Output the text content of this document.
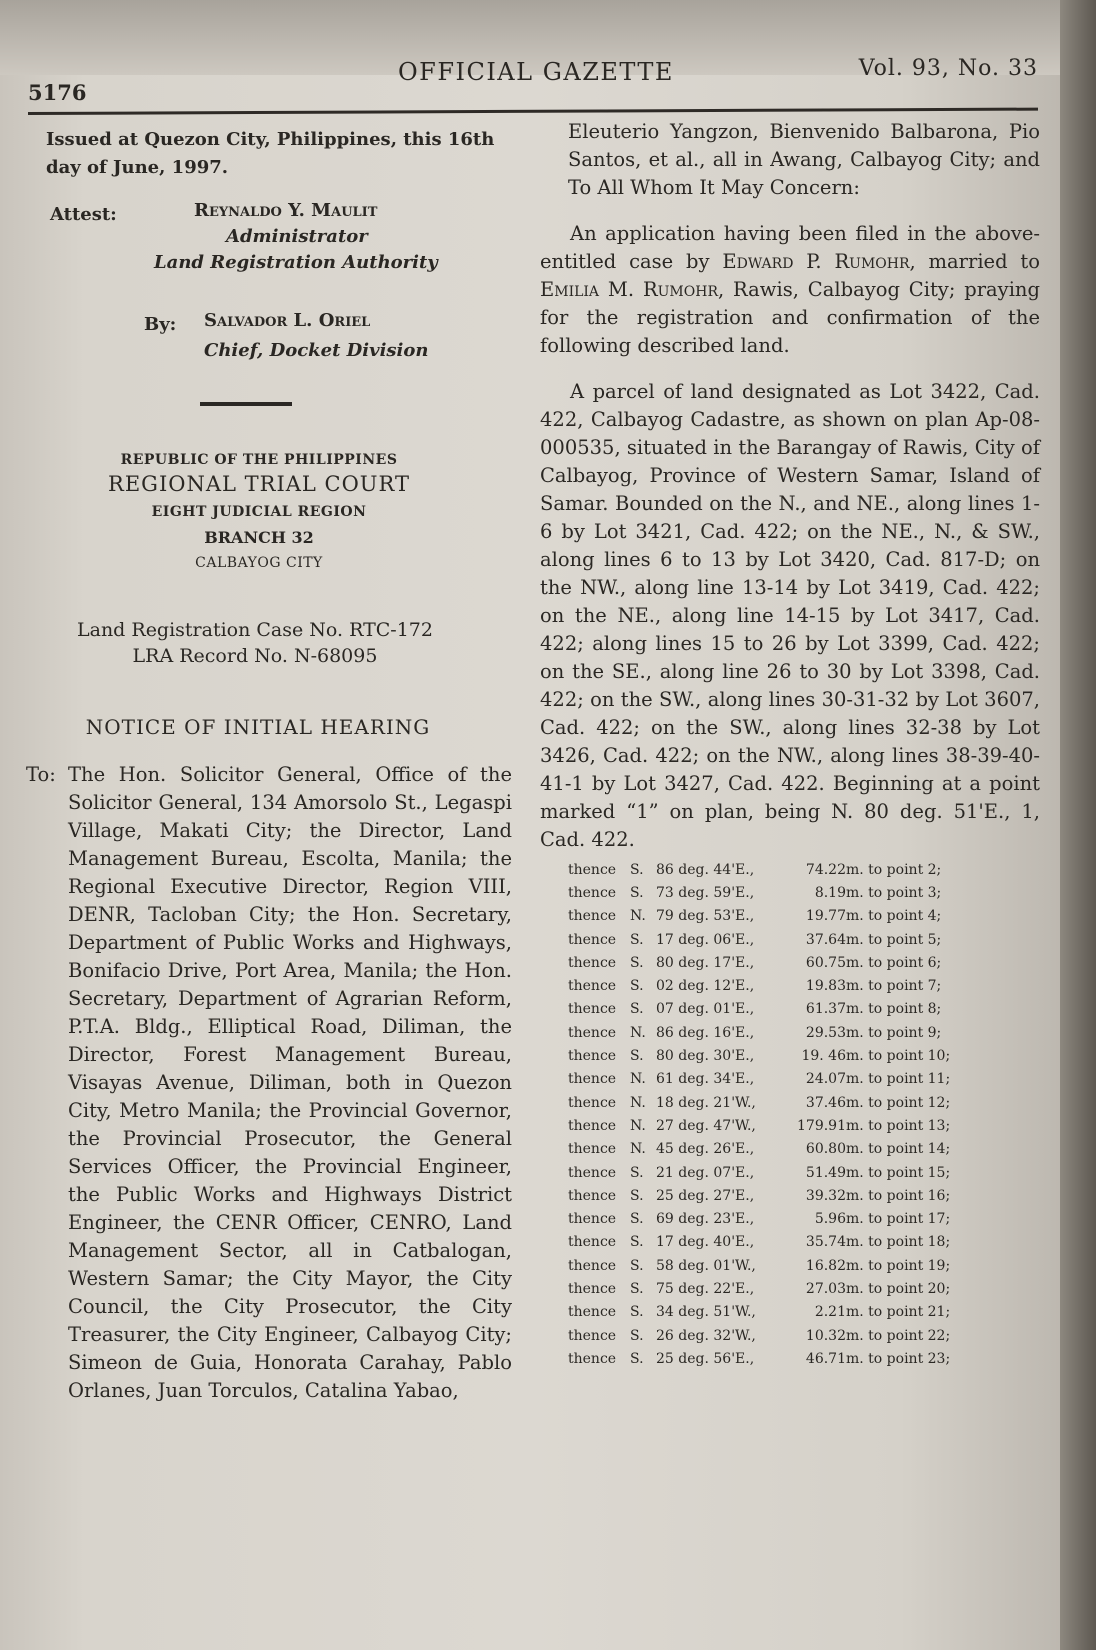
5176
OFFICIAL GAZETTE	Vol. 93, No. 33
Issued at Quezon City, Philippines, this 16th day of June, 1997.
Attest:	Reynaldo Y. Maulit
Administrator
Land Registration Authority
By: Salvador L. Oriel
Chief, Docket Division
REPUBLIC OF THE PHILIPPINES
REGIONAL TRIAL COURT
EIGHT JUDICIAL REGION
BRANCH 32
CALBAYOG CITY
Land Registration Case No. RTC-172
LRA Record No. N-68095
NOTICE OF INITIAL HEARING
To: The Hon. Solicitor General, Office of the Solicitor General, 134 Amorsolo St., Legaspi Village, Makati City; the Director, Land Management Bureau, Escolta, Manila; the Regional Executive Director, Region VIII, DENR, Tacloban City; the Hon. Secretary, Department of Public Works and Highways, Bonifacio Drive, Port Area, Manila; the Hon. Secretary, Department of Agrarian Reform, P.T.A. Bldg., Elliptical Road, Diliman, the Director, Forest Management Bureau, Visayas Avenue, Diliman, both in Quezon City, Metro Manila; the Provincial Governor, the Provincial Prosecutor, the General Services Officer, the Provincial Engineer, the Public Works and Highways District Engineer, the CENR Officer, CENRO, Land Management Sector, all in Catbalogan, Western Samar; the City Mayor, the City Council, the City Prosecutor, the City Treasurer, the City Engineer, Calbayog City; Simeon de Guia, Honorata Carahay, Pablo Orlanes, Juan Torculos, Catalina Yabao,
Eleuterio Yangzon, Bienvenido Balbarona, Pio Santos, et al., all in Awang, Calbayog City; and To All Whom It May Concern:
An application having been filed in the above-entitled case by Edward P. Rumohr, married to Emilia M. Rumohr, Rawis, Calbayog City; praying for the registration and confirmation of the following described land.
A parcel of land designated as Lot 3422, Cad. 422, Calbayog Cadastre, as shown on plan Ap-08-000535, situated in the Barangay of Rawis, City of Calbayog, Province of Western Samar, Island of Samar. Bounded on the N., and NE., along lines 1-6 by Lot 3421, Cad. 422; on the NE., N., & SW., along lines 6 to 13 by Lot 3420, Cad. 817-D; on the NW., along line 13-14 by Lot 3419, Cad. 422; on the NE., along line 14-15 by Lot 3417, Cad. 422; along lines 15 to 26 by Lot 3399, Cad. 422; on the SE., along line 26 to 30 by Lot 3398, Cad. 422; on the SW., along lines 30-31-32 by Lot 3607, Cad. 422; on the SW., along lines 32-38 by Lot 3426, Cad. 422; on the NW., along lines 38-39-40-41-1 by Lot 3427, Cad. 422. Beginning at a point marked “1” on plan, being N. 80 deg. 51'E., 1, Cad. 422.
thence	S.	86 deg. 44'E.,	74.22	m. to point 2;
thence	S.	73 deg. 59'E.,	8.19	m. to point 3;
thence	N.	79 deg. 53'E.,	19.77	m. to point 4;
thence	S.	17 deg. 06'E.,	37.64	m. to point 5;
thence	S.	80 deg. 17'E.,	60.75	m. to point 6;
thence	S.	02 deg. 12'E.,	19.83	m. to point 7;
thence	S.	07 deg. 01'E.,	61.37	m. to point 8;
thence	N.	86 deg. 16'E.,	29.53	m. to point 9;
thence	S.	80 deg. 30'E.,	19. 46	m. to point 10;
thence	N.	61 deg. 34'E.,	24.07	m. to point 11;
thence	N.	18 deg. 21'W.,	37.46	m. to point 12;
thence	N.	27 deg. 47'W.,	179.91	m. to point 13;
thence	N.	45 deg. 26'E.,	60.80	m. to point 14;
thence	S.	21 deg. 07'E.,	51.49	m. to point 15;
thence	S.	25 deg. 27'E.,	39.32	m. to point 16;
thence	S.	69 deg. 23'E.,	5.96	m. to point 17;
thence	S.	17 deg. 40'E.,	35.74	m. to point 18;
thence	S.	58 deg. 01'W.,	16.82	m. to point 19;
thence	S.	75 deg. 22'E.,	27.03	m. to point 20;
thence	S.	34 deg. 51'W.,	2.21	m. to point 21;
thence	S.	26 deg. 32'W.,	10.32	m. to point 22;
thence	S.	25 deg. 56'E.,	46.71	m. to point 23;
